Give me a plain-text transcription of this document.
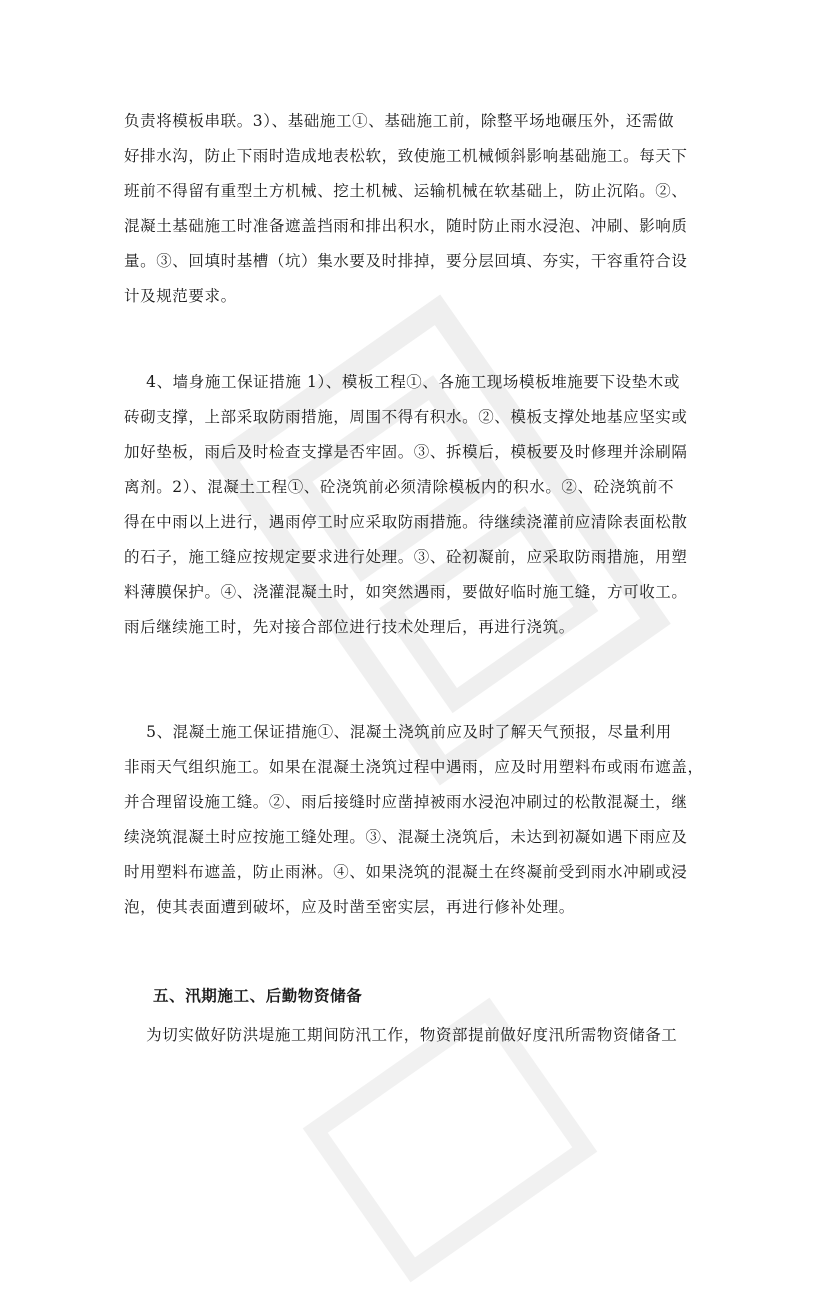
负责将模板串联。3）、基础施工①、基础施工前，除整平场地碾压外，还需做
好排水沟，防止下雨时造成地表松软，致使施工机械倾斜影响基础施工。每天下
班前不得留有重型土方机械、挖土机械、运输机械在软基础上，防止沉陷。②、
混凝土基础施工时准备遮盖挡雨和排出积水，随时防止雨水浸泡、冲刷、影响质
量。③、回填时基槽（坑）集水要及时排掉，要分层回填、夯实，干容重符合设
计及规范要求。
4、墙身施工保证措施 1）、模板工程①、各施工现场模板堆施要下设垫木或
砖砌支撑，上部采取防雨措施，周围不得有积水。②、模板支撑处地基应坚实或
加好垫板，雨后及时检查支撑是否牢固。③、拆模后，模板要及时修理并涂刷隔
离剂。2）、混凝土工程①、砼浇筑前必须清除模板内的积水。②、砼浇筑前不
得在中雨以上进行，遇雨停工时应采取防雨措施。待继续浇灌前应清除表面松散
的石子，施工缝应按规定要求进行处理。③、砼初凝前，应采取防雨措施，用塑
料薄膜保护。④、浇灌混凝土时，如突然遇雨，要做好临时施工缝，方可收工。
雨后继续施工时，先对接合部位进行技术处理后，再进行浇筑。
5、混凝土施工保证措施①、混凝土浇筑前应及时了解天气预报，尽量利用
非雨天气组织施工。如果在混凝土浇筑过程中遇雨，应及时用塑料布或雨布遮盖，
并合理留设施工缝。②、雨后接缝时应凿掉被雨水浸泡冲刷过的松散混凝土，继
续浇筑混凝土时应按施工缝处理。③、混凝土浇筑后，未达到初凝如遇下雨应及
时用塑料布遮盖，防止雨淋。④、如果浇筑的混凝土在终凝前受到雨水冲刷或浸
泡，使其表面遭到破坏，应及时凿至密实层，再进行修补处理。
五、汛期施工、后勤物资储备
为切实做好防洪堤施工期间防汛工作，物资部提前做好度汛所需物资储备工
